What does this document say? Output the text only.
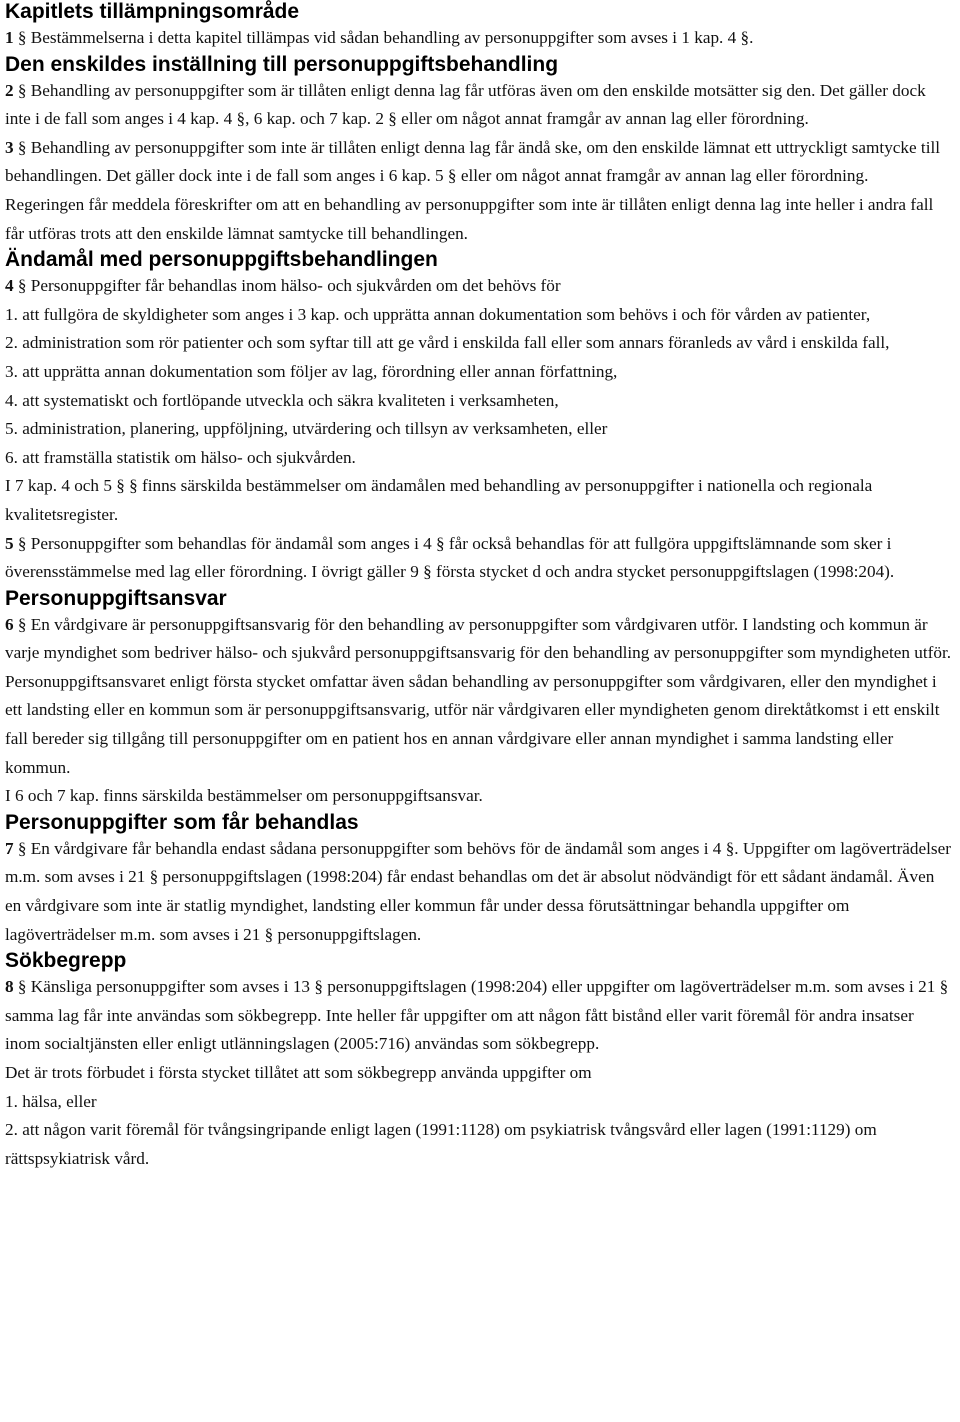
Kapitlets tillämpningsområde

1 § Bestämmelserna i detta kapitel tillämpas vid sådan behandling av personuppgifter som avses i 1 kap. 4 §.

Den enskildes inställning till personuppgiftsbehandling

2 § Behandling av personuppgifter som är tillåten enligt denna lag får utföras även om den enskilde motsätter sig den. Det gäller dock inte i de fall som anges i 4 kap. 4 §, 6 kap. och 7 kap. 2 § eller om något annat framgår av annan lag eller förordning.

3 § Behandling av personuppgifter som inte är tillåten enligt denna lag får ändå ske, om den enskilde lämnat ett uttryckligt samtycke till behandlingen. Det gäller dock inte i de fall som anges i 6 kap. 5 § eller om något annat framgår av annan lag eller förordning.

Regeringen får meddela föreskrifter om att en behandling av personuppgifter som inte är tillåten enligt denna lag inte heller i andra fall får utföras trots att den enskilde lämnat samtycke till behandlingen.

Ändamål med personuppgiftsbehandlingen

4 § Personuppgifter får behandlas inom hälso- och sjukvården om det behövs för

1. att fullgöra de skyldigheter som anges i 3 kap. och upprätta annan dokumentation som behövs i och för vården av patienter,

2. administration som rör patienter och som syftar till att ge vård i enskilda fall eller som annars föranleds av vård i enskilda fall,

3. att upprätta annan dokumentation som följer av lag, förordning eller annan författning,

4. att systematiskt och fortlöpande utveckla och säkra kvaliteten i verksamheten,

5. administration, planering, uppföljning, utvärdering och tillsyn av verksamheten, eller

6. att framställa statistik om hälso- och sjukvården.

I 7 kap. 4 och 5 § § finns särskilda bestämmelser om ändamålen med behandling av personuppgifter i nationella och regionala kvalitetsregister.

5 § Personuppgifter som behandlas för ändamål som anges i 4 § får också behandlas för att fullgöra uppgiftslämnande som sker i överensstämmelse med lag eller förordning. I övrigt gäller 9 § första stycket d och andra stycket personuppgiftslagen (1998:204).

Personuppgiftsansvar

6 § En vårdgivare är personuppgiftsansvarig för den behandling av personuppgifter som vårdgivaren utför. I landsting och kommun är varje myndighet som bedriver hälso- och sjukvård personuppgiftsansvarig för den behandling av personuppgifter som myndigheten utför.

Personuppgiftsansvaret enligt första stycket omfattar även sådan behandling av personuppgifter som vårdgivaren, eller den myndighet i ett landsting eller en kommun som är personuppgiftsansvarig, utför när vårdgivaren eller myndigheten genom direktåtkomst i ett enskilt fall bereder sig tillgång till personuppgifter om en patient hos en annan vårdgivare eller annan myndighet i samma landsting eller kommun.

I 6 och 7 kap. finns särskilda bestämmelser om personuppgiftsansvar.

Personuppgifter som får behandlas

7 § En vårdgivare får behandla endast sådana personuppgifter som behövs för de ändamål som anges i 4 §. Uppgifter om lagöverträdelser m.m. som avses i 21 § personuppgiftslagen (1998:204) får endast behandlas om det är absolut nödvändigt för ett sådant ändamål. Även en vårdgivare som inte är statlig myndighet, landsting eller kommun får under dessa förutsättningar behandla uppgifter om lagöverträdelser m.m. som avses i 21 § personuppgiftslagen.

Sökbegrepp

8 § Känsliga personuppgifter som avses i 13 § personuppgiftslagen (1998:204) eller uppgifter om lagöverträdelser m.m. som avses i 21 § samma lag får inte användas som sökbegrepp. Inte heller får uppgifter om att någon fått bistånd eller varit föremål för andra insatser inom socialtjänsten eller enligt utlänningslagen (2005:716) användas som sökbegrepp.

Det är trots förbudet i första stycket tillåtet att som sökbegrepp använda uppgifter om

1. hälsa, eller

2. att någon varit föremål för tvångsingripande enligt lagen (1991:1128) om psykiatrisk tvångsvård eller lagen (1991:1129) om rättspsykiatrisk vård.
